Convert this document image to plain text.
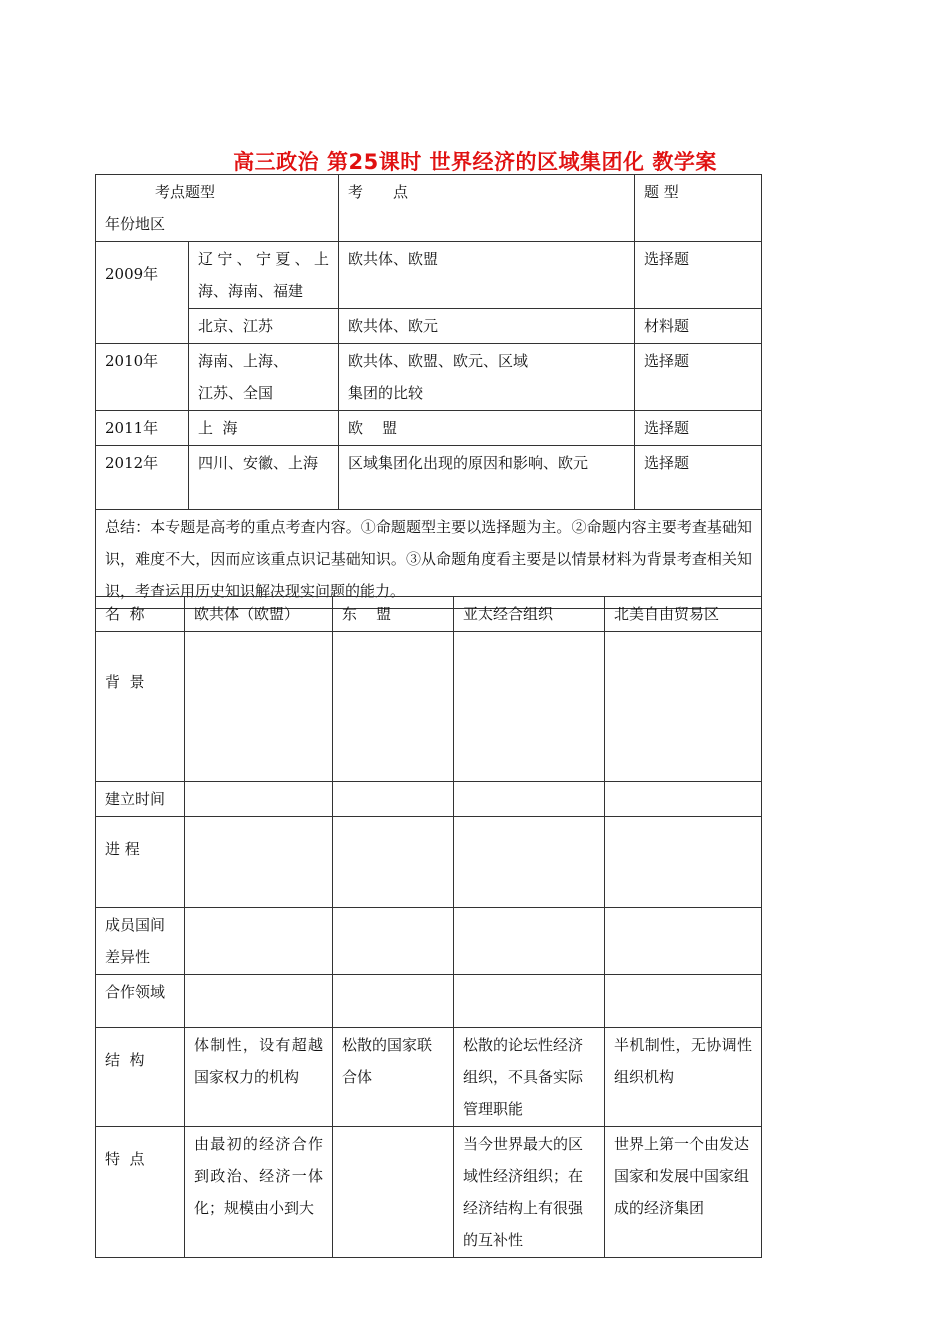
高三政治 第25课时 世界经济的区域集团化 教学案
考点题型
年份地区		考　　点	题 型
2009年	辽宁、宁夏、上海、海南、福建	欧共体、欧盟	选择题
	北京、江苏	欧共体、欧元	材料题
2010年	海南、上海、江苏、全国	欧共体、欧盟、欧元、区域集团的比较	选择题
2011年	上  海	欧    盟	选择题
2012年	四川、安徽、上海	区域集团化出现的原因和影响、欧元	选择题
总结：本专题是高考的重点考查内容。①命题题型主要以选择题为主。②命题内容主要考查基础知识，难度不大，因而应该重点识记基础知识。③从命题角度看主要是以情景材料为背景考查相关知识，考查运用历史知识解决现实问题的能力。			
名  称	欧共体（欧盟）	东    盟	亚太经合组织	北美自由贸易区
背  景				
建立时间				
进 程				
成员国间差异性				
合作领域				
结  构	体制性，设有超越国家权力的机构	松散的国家联合体	松散的论坛性经济组织，不具备实际管理职能	半机制性，无协调性组织机构
特  点	由最初的经济合作到政治、经济一体化；规模由小到大		当今世界最大的区域性经济组织；在经济结构上有很强的互补性	世界上第一个由发达国家和发展中国家组成的经济集团
